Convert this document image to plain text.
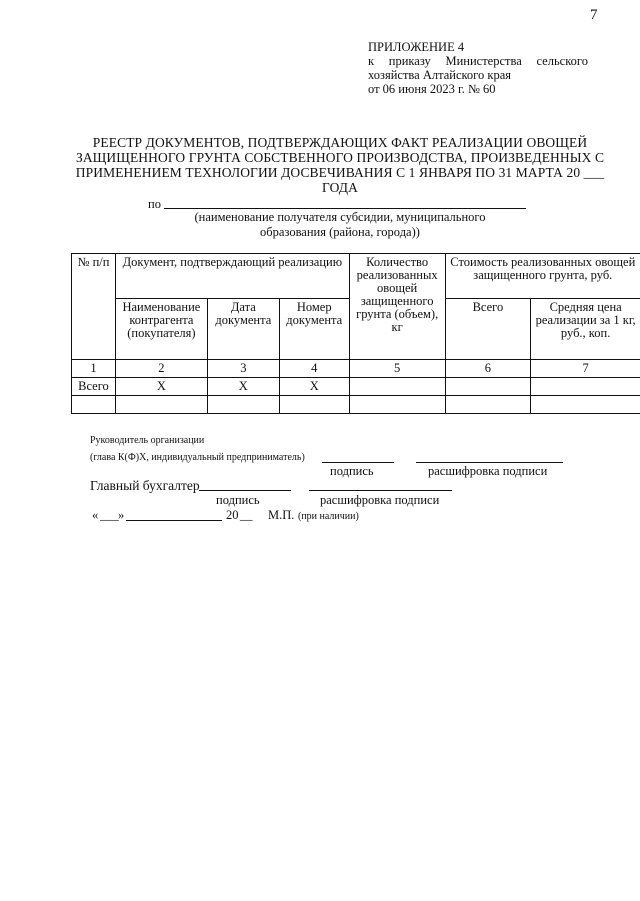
7
ПРИЛОЖЕНИЕ 4
к приказу Министерства сельского
хозяйства Алтайского края
от 06 июня 2023 г. № 60
РЕЕСТР ДОКУМЕНТОВ, ПОДТВЕРЖДАЮЩИХ ФАКТ РЕАЛИЗАЦИИ ОВОЩЕЙ
ЗАЩИЩЕННОГО ГРУНТА СОБСТВЕННОГО ПРОИЗВОДСТВА, ПРОИЗВЕДЕННЫХ С
ПРИМЕНЕНИЕМ ТЕХНОЛОГИИ ДОСВЕЧИВАНИЯ С 1 ЯНВАРЯ ПО 31 МАРТА 20 ___
ГОДА
по
(наименование получателя субсидии, муниципального
образования (района, города))
№ п/п	Документ, подтверждающий реализацию			Количество реализованных овощей защищенного грунта (объем), кг	Стоимость реализованных овощей защищенного грунта, руб.	
	Наименование контрагента (покупателя)	Дата документа	Номер документа		Всего	Средняя цена реализации за 1 кг, руб., коп.
1	2	3	4	5	6	7
Всего	X	X	X			

Руководитель организации
(глава К(Ф)Х, индивидуальный предприниматель)
подпись	расшифровка подписи
Главный бухгалтер
подпись	расшифровка подписи
« ___ »	20 __ М.П. (при наличии)
